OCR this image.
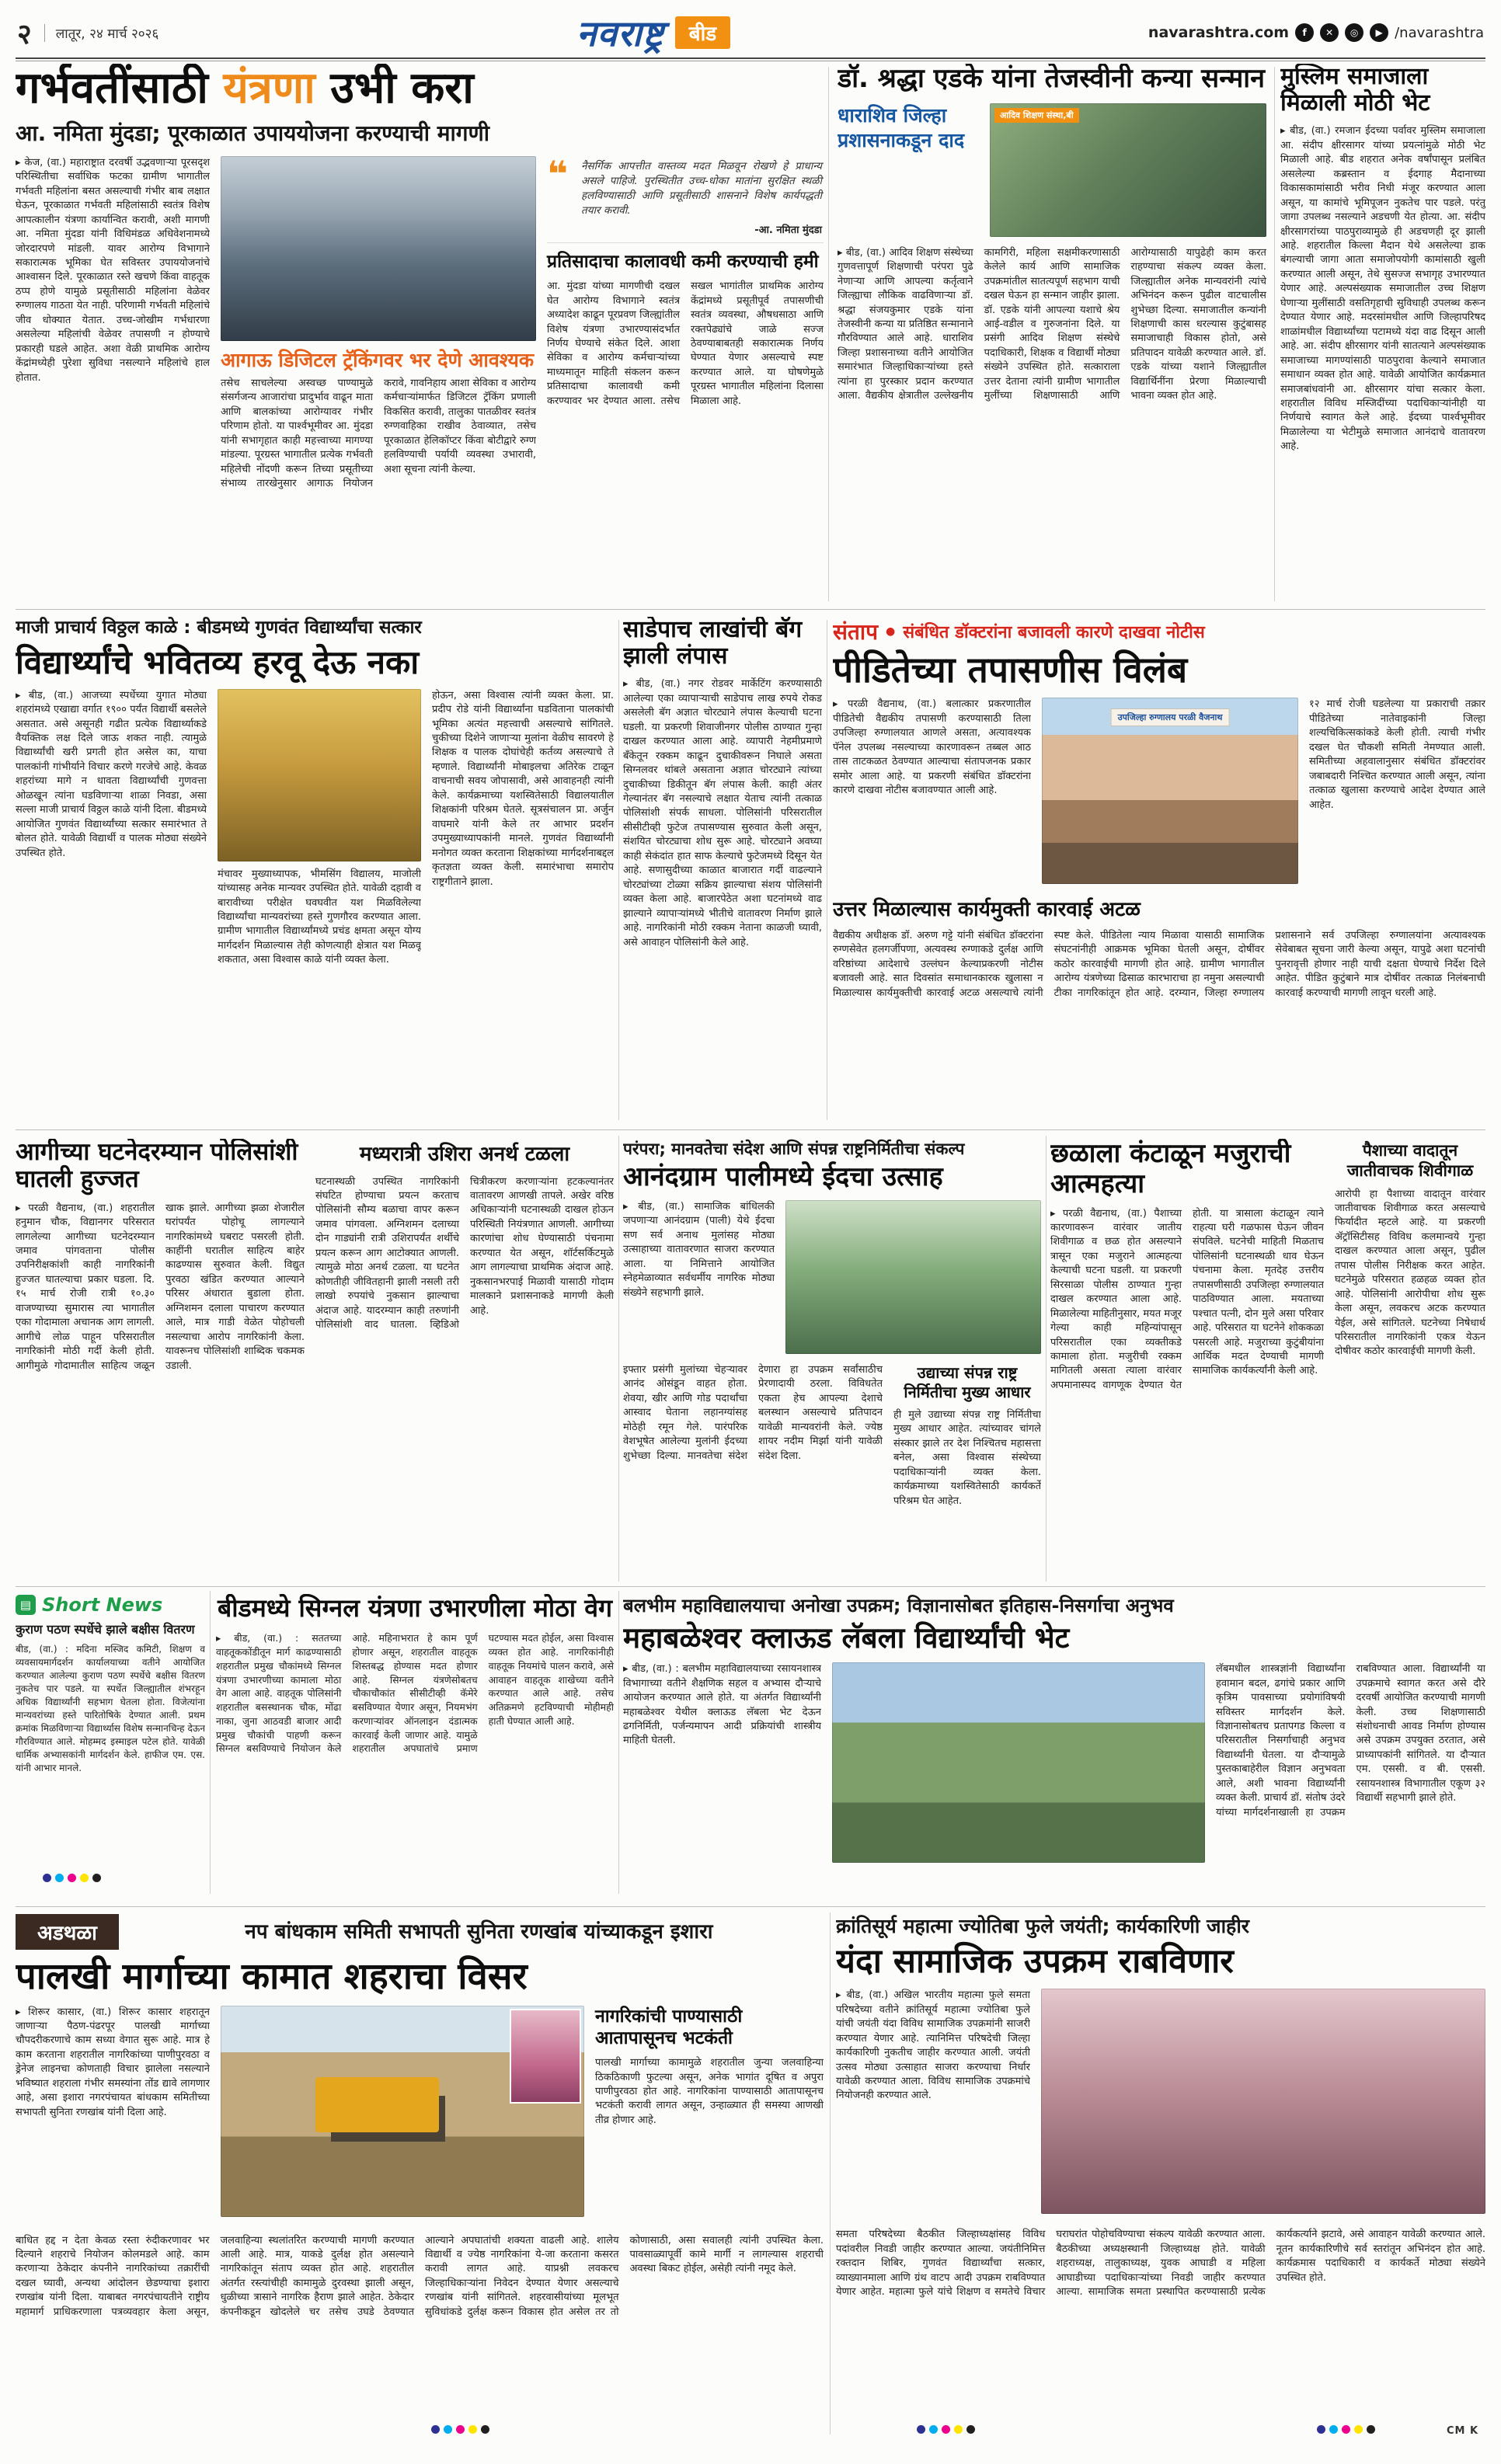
२	लातूर, २४ मार्च २०२६	नवराष्ट्र	बीड	navarashtra.com	f	✕	◎	▶ /navarashtra
गर्भवतींसाठी यंत्रणा उभी करा
आ. नमिता मुंदडा; पूरकाळात उपाययोजना करण्याची मागणी
▸ केज, (वा.) महाराष्ट्रात दरवर्षी उद्भवणाऱ्या पूरसदृश परिस्थितीचा सर्वाधिक फटका ग्रामीण भागातील गर्भवती महिलांना बसत असल्याची गंभीर बाब लक्षात घेऊन, पूरकाळात गर्भवती महिलांसाठी स्वतंत्र विशेष आपत्कालीन यंत्रणा कार्यान्वित करावी, अशी मागणी आ. नमिता मुंदडा यांनी विधिमंडळ अधिवेशनामध्ये जोरदारपणे मांडली. यावर आरोग्य विभागाने सकारात्मक भूमिका घेत सविस्तर उपाययोजनांचे आश्वासन दिले. पूरकाळात रस्ते खचणे किंवा वाहतूक ठप्प होणे यामुळे प्रसूतीसाठी महिलांना वेळेवर रुग्णालय गाठता येत नाही. परिणामी गर्भवती महिलांचे जीव धोक्यात येतात. उच्च-जोखीम गर्भधारणा असलेल्या महिलांची वेळेवर तपासणी न होण्याचे प्रकारही घडले आहेत. अशा वेळी प्राथमिक आरोग्य केंद्रांमध्येही पुरेशा सुविधा नसल्याने महिलांचे हाल होतात.
आगाऊ डिजिटल ट्रॅकिंगवर भर देणे आवश्यक
तसेच साचलेल्या अस्वच्छ पाण्यामुळे संसर्गजन्य आजारांचा प्रादुर्भाव वाढून माता आणि बालकांच्या आरोग्यावर गंभीर परिणाम होतो. या पार्श्वभूमीवर आ. मुंदडा यांनी सभागृहात काही महत्त्वाच्या मागण्या मांडल्या. पूरग्रस्त भागातील प्रत्येक गर्भवती महिलेची नोंदणी करून तिच्या प्रसूतीच्या संभाव्य तारखेनुसार आगाऊ नियोजन करावे, गावनिहाय आशा सेविका व आरोग्य कर्मचाऱ्यांमार्फत डिजिटल ट्रॅकिंग प्रणाली विकसित करावी, तालुका पातळीवर स्वतंत्र रुग्णवाहिका राखीव ठेवाव्यात, तसेच पूरकाळात हेलिकॉप्टर किंवा बोटीद्वारे रुग्ण हलविण्याची पर्यायी व्यवस्था उभारावी, अशा सूचना त्यांनी केल्या.
❝ नैसर्गिक आपत्तीत वास्तव्य मदत मिळवून रोखणे हे प्राधान्य असले पाहिजे. पुरस्थितीत उच्च-धोका मातांना सुरक्षित स्थळी हलविण्यासाठी आणि प्रसूतीसाठी शासनाने विशेष कार्यपद्धती तयार करावी.
-आ. नमिता मुंदडा
प्रतिसादाचा कालावधी कमी करण्याची हमी
आ. मुंदडा यांच्या मागणीची दखल घेत आरोग्य विभागाने स्वतंत्र अध्यादेश काढून पूरप्रवण जिल्ह्यांतील विशेष यंत्रणा उभारण्यासंदर्भात निर्णय घेण्याचे संकेत दिले. आशा सेविका व आरोग्य कर्मचाऱ्यांच्या माध्यमातून माहिती संकलन करून प्रतिसादाचा कालावधी कमी करण्यावर भर देण्यात आला. तसेच सखल भागांतील प्राथमिक आरोग्य केंद्रांमध्ये प्रसूतीपूर्व तपासणीची स्वतंत्र व्यवस्था, औषधसाठा आणि रक्तपेढ्यांचे जाळे सज्ज ठेवण्याबाबतही सकारात्मक निर्णय घेण्यात येणार असल्याचे स्पष्ट करण्यात आले. या घोषणेमुळे पूरग्रस्त भागातील महिलांना दिलासा मिळाला आहे.
डॉ. श्रद्धा एडके यांना तेजस्वीनी कन्या सन्मान
धाराशिव जिल्हा प्रशासनाकडून दाद
आदिव शिक्षण संस्था,बी
▸ बीड, (वा.) आदिव शिक्षण संस्थेच्या गुणवत्तापूर्ण शिक्षणाची परंपरा पुढे नेणाऱ्या आणि आपल्या कर्तृत्वाने जिल्ह्याचा लौकिक वाढविणाऱ्या डॉ. श्रद्धा संजयकुमार एडके यांना तेजस्वीनी कन्या या प्रतिष्ठित सन्मानाने गौरविण्यात आले आहे. धाराशिव जिल्हा प्रशासनाच्या वतीने आयोजित समारंभात जिल्हाधिकाऱ्यांच्या हस्ते त्यांना हा पुरस्कार प्रदान करण्यात आला. वैद्यकीय क्षेत्रातील उल्लेखनीय कामगिरी, महिला सक्षमीकरणासाठी केलेले कार्य आणि सामाजिक उपक्रमांतील सातत्यपूर्ण सहभाग याची दखल घेऊन हा सन्मान जाहीर झाला. डॉ. एडके यांनी आपल्या यशाचे श्रेय आई-वडील व गुरुजनांना दिले. या प्रसंगी आदिव शिक्षण संस्थेचे पदाधिकारी, शिक्षक व विद्यार्थी मोठ्या संख्येने उपस्थित होते. सत्काराला उत्तर देताना त्यांनी ग्रामीण भागातील मुलींच्या शिक्षणासाठी आणि आरोग्यासाठी यापुढेही काम करत राहण्याचा संकल्प व्यक्त केला. जिल्ह्यातील अनेक मान्यवरांनी त्यांचे अभिनंदन करून पुढील वाटचालीस शुभेच्छा दिल्या. समाजातील कन्यांनी शिक्षणाची कास धरल्यास कुटुंबासह समाजाचाही विकास होतो, असे प्रतिपादन यावेळी करण्यात आले. डॉ. एडके यांच्या यशाने जिल्ह्यातील विद्यार्थिनींना प्रेरणा मिळाल्याची भावना व्यक्त होत आहे.
मुस्लिम समाजाला मिळाली मोठी भेट
▸ बीड, (वा.) रमजान ईदच्या पर्वावर मुस्लिम समाजाला आ. संदीप क्षीरसागर यांच्या प्रयत्नांमुळे मोठी भेट मिळाली आहे. बीड शहरात अनेक वर्षांपासून प्रलंबित असलेल्या कब्रस्तान व ईदगाह मैदानाच्या विकासकामांसाठी भरीव निधी मंजूर करण्यात आला असून, या कामांचे भूमिपूजन नुकतेच पार पडले. परंतु जागा उपलब्ध नसल्याने अडचणी येत होत्या. आ. संदीप क्षीरसागरांच्या पाठपुराव्यामुळे ही अडचणही दूर झाली आहे. शहरातील किल्ला मैदान येथे असलेल्या डाक बंगल्याची जागा आता समाजोपयोगी कामांसाठी खुली करण्यात आली असून, तेथे सुसज्ज सभागृह उभारण्यात येणार आहे. अल्पसंख्याक समाजातील उच्च शिक्षण घेणाऱ्या मुलींसाठी वसतिगृहाची सुविधाही उपलब्ध करून देण्यात येणार आहे. मदरसांमधील आणि जिल्हापरिषद शाळांमधील विद्यार्थ्यांच्या पटामध्ये यंदा वाढ दिसून आली आहे. आ. संदीप क्षीरसागर यांनी सातत्याने अल्पसंख्याक समाजाच्या मागण्यांसाठी पाठपुरावा केल्याने समाजात समाधान व्यक्त होत आहे. यावेळी आयोजित कार्यक्रमात समाजबांधवांनी आ. क्षीरसागर यांचा सत्कार केला. शहरातील विविध मस्जिदींच्या पदाधिकाऱ्यांनीही या निर्णयाचे स्वागत केले आहे. ईदच्या पार्श्वभूमीवर मिळालेल्या या भेटीमुळे समाजात आनंदाचे वातावरण आहे.
माजी प्राचार्य विठ्ठल काळे : बीडमध्ये गुणवंत विद्यार्थ्यांचा सत्कार
विद्यार्थ्यांचे भवितव्य हरवू देऊ नका
▸ बीड, (वा.) आजच्या स्पर्धेच्या युगात मोठ्या शहरांमध्ये एखाद्या वर्गात १९०० पर्यंत विद्यार्थी बसलेले असतात. असे असूनही गढीत प्रत्येक विद्यार्थ्याकडे वैयक्तिक लक्ष दिले जाऊ शकत नाही. त्यामुळे विद्यार्थ्यांची खरी प्रगती होत असेल का, याचा पालकांनी गांभीर्याने विचार करणे गरजेचे आहे. केवळ शहरांच्या मागे न धावता विद्यार्थ्यांची गुणवत्ता ओळखून त्यांना घडविणाऱ्या शाळा निवडा, असा सल्ला माजी प्राचार्य विठ्ठल काळे यांनी दिला. बीडमध्ये आयोजित गुणवंत विद्यार्थ्यांच्या सत्कार समारंभात ते बोलत होते. यावेळी विद्यार्थी व पालक मोठ्या संख्येने उपस्थित होते.
मंचावर मुख्याध्यापक, भीमसिंग विद्यालय, माजोली यांच्यासह अनेक मान्यवर उपस्थित होते. यावेळी दहावी व बारावीच्या परीक्षेत घवघवीत यश मिळविलेल्या विद्यार्थ्यांचा मान्यवरांच्या हस्ते गुणगौरव करण्यात आला. ग्रामीण भागातील विद्यार्थ्यांमध्ये प्रचंड क्षमता असून योग्य मार्गदर्शन मिळाल्यास तेही कोणत्याही क्षेत्रात यश मिळवू शकतात, असा विश्वास काळे यांनी व्यक्त केला.
होऊन, असा विश्वास त्यांनी व्यक्त केला. प्रा. प्रदीप रोडे यांनी विद्यार्थ्यांना घडविताना पालकांची भूमिका अत्यंत महत्त्वाची असल्याचे सांगितले. चुकीच्या दिशेने जाणाऱ्या मुलांना वेळीच सावरणे हे शिक्षक व पालक दोघांचेही कर्तव्य असल्याचे ते म्हणाले. विद्यार्थ्यांनी मोबाइलचा अतिरेक टाळून वाचनाची सवय जोपासावी, असे आवाहनही त्यांनी केले. कार्यक्रमाच्या यशस्वितेसाठी विद्यालयातील शिक्षकांनी परिश्रम घेतले. सूत्रसंचालन प्रा. अर्जुन वाघमारे यांनी केले तर आभार प्रदर्शन उपमुख्याध्यापकांनी मानले. गुणवंत विद्यार्थ्यांनी मनोगत व्यक्त करताना शिक्षकांच्या मार्गदर्शनाबद्दल कृतज्ञता व्यक्त केली. समारंभाचा समारोप राष्ट्रगीताने झाला.
साडेपाच लाखांची बॅग झाली लंपास
▸ बीड, (वा.) नगर रोडवर मार्केटिंग करण्यासाठी आलेल्या एका व्यापाऱ्याची साडेपाच लाख रुपये रोकड असलेली बॅग अज्ञात चोरट्याने लंपास केल्याची घटना घडली. या प्रकरणी शिवाजीनगर पोलीस ठाण्यात गुन्हा दाखल करण्यात आला आहे. व्यापारी नेहमीप्रमाणे बँकेतून रक्कम काढून दुचाकीवरून निघाले असता सिग्नलवर थांबले असताना अज्ञात चोरट्याने त्यांच्या दुचाकीच्या डिकीतून बॅग लंपास केली. काही अंतर गेल्यानंतर बॅग नसल्याचे लक्षात येताच त्यांनी तत्काळ पोलिसांशी संपर्क साधला. पोलिसांनी परिसरातील सीसीटीव्ही फुटेज तपासण्यास सुरुवात केली असून, संशयित चोरट्याचा शोध सुरू आहे. चोरट्याने अवघ्या काही सेकंदांत हात साफ केल्याचे फुटेजमध्ये दिसून येत आहे. सणासुदीच्या काळात बाजारात गर्दी वाढल्याने चोरट्यांच्या टोळ्या सक्रिय झाल्याचा संशय पोलिसांनी व्यक्त केला आहे. बाजारपेठेत अशा घटनांमध्ये वाढ झाल्याने व्यापाऱ्यांमध्ये भीतीचे वातावरण निर्माण झाले आहे. नागरिकांनी मोठी रक्कम नेताना काळजी घ्यावी, असे आवाहन पोलिसांनी केले आहे.
संताप ● संबंधित डॉक्टरांना बजावली कारणे दाखवा नोटीस
पीडितेच्या तपासणीस विलंब
▸ परळी वैद्यनाथ, (वा.) बलात्कार प्रकरणातील पीडितेची वैद्यकीय तपासणी करण्यासाठी तिला उपजिल्हा रुग्णालयात आणले असता, अत्यावश्यक पॅनेल उपलब्ध नसल्याच्या कारणावरून तब्बल आठ तास ताटकळत ठेवण्यात आल्याचा संतापजनक प्रकार समोर आला आहे. या प्रकरणी संबंधित डॉक्टरांना कारणे दाखवा नोटीस बजावण्यात आली आहे.
उपजिल्हा रुग्णालय परळी वैजनाथ
१२ मार्च रोजी घडलेल्या या प्रकाराची तक्रार पीडितेच्या नातेवाइकांनी जिल्हा शल्यचिकित्सकांकडे केली होती. त्याची गंभीर दखल घेत चौकशी समिती नेमण्यात आली. समितीच्या अहवालानुसार संबंधित डॉक्टरांवर जबाबदारी निश्चित करण्यात आली असून, त्यांना तत्काळ खुलासा करण्याचे आदेश देण्यात आले आहेत.
उत्तर मिळाल्यास कार्यमुक्ती कारवाई अटळ
वैद्यकीय अधीक्षक डॉ. अरुण गट्टे यांनी संबंधित डॉक्टरांना रुग्णसेवेत हलगर्जीपणा, अत्यवस्थ रुग्णाकडे दुर्लक्ष आणि वरिष्ठांच्या आदेशाचे उल्लंघन केल्याप्रकरणी नोटीस बजावली आहे. सात दिवसांत समाधानकारक खुलासा न मिळाल्यास कार्यमुक्तीची कारवाई अटळ असल्याचे त्यांनी स्पष्ट केले. पीडितेला न्याय मिळावा यासाठी सामाजिक संघटनांनीही आक्रमक भूमिका घेतली असून, दोषींवर कठोर कारवाईची मागणी होत आहे. ग्रामीण भागातील आरोग्य यंत्रणेच्या ढिसाळ कारभाराचा हा नमुना असल्याची टीका नागरिकांतून होत आहे. दरम्यान, जिल्हा रुग्णालय प्रशासनाने सर्व उपजिल्हा रुग्णालयांना अत्यावश्यक सेवेबाबत सूचना जारी केल्या असून, यापुढे अशा घटनांची पुनरावृत्ती होणार नाही याची दक्षता घेण्याचे निर्देश दिले आहेत. पीडित कुटुंबाने मात्र दोषींवर तत्काळ निलंबनाची कारवाई करण्याची मागणी लावून धरली आहे.
आगीच्या घटनेदरम्यान पोलिसांशी घातली हुज्जत
▸ परळी वैद्यनाथ, (वा.) शहरातील हनुमान चौक, विद्यानगर परिसरात लागलेल्या आगीच्या घटनेदरम्यान जमाव पांगवताना पोलीस उपनिरीक्षकांशी काही नागरिकांनी हुज्जत घातल्याचा प्रकार घडला. दि. १५ मार्च रोजी रात्री १०.३० वाजण्याच्या सुमारास त्या भागातील एका गोदामाला अचानक आग लागली. आगीचे लोळ पाहून परिसरातील नागरिकांनी मोठी गर्दी केली होती. आगीमुळे गोदामातील साहित्य जळून खाक झाले. आगीच्या झळा शेजारील घरांपर्यंत पोहोचू लागल्याने नागरिकांमध्ये घबराट पसरली होती. काहींनी घरातील साहित्य बाहेर काढण्यास सुरुवात केली. विद्युत पुरवठा खंडित करण्यात आल्याने परिसर अंधारात बुडाला होता. अग्निशमन दलाला पाचारण करण्यात आले, मात्र गाडी वेळेत पोहोचली नसल्याचा आरोप नागरिकांनी केला. यावरूनच पोलिसांशी शाब्दिक चकमक उडाली.
मध्यरात्री उशिरा अनर्थ टळला
घटनास्थळी उपस्थित नागरिकांनी संघटित होण्याचा प्रयत्न करताच पोलिसांनी सौम्य बळाचा वापर करून जमाव पांगवला. अग्निशमन दलाच्या दोन गाड्यांनी रात्री उशिरापर्यंत शर्थीचे प्रयत्न करून आग आटोक्यात आणली. त्यामुळे मोठा अनर्थ टळला. या घटनेत कोणतीही जीवितहानी झाली नसली तरी लाखो रुपयांचे नुकसान झाल्याचा अंदाज आहे. यादरम्यान काही तरुणांनी पोलिसांशी वाद घातला. व्हिडिओ चित्रीकरण करणाऱ्यांना हटकल्यानंतर वातावरण आणखी तापले. अखेर वरिष्ठ अधिकाऱ्यांनी घटनास्थळी दाखल होऊन परिस्थिती नियंत्रणात आणली. आगीच्या कारणांचा शोध घेण्यासाठी पंचनामा करण्यात येत असून, शॉर्टसर्किटमुळे आग लागल्याचा प्राथमिक अंदाज आहे. नुकसानभरपाई मिळावी यासाठी गोदाम मालकाने प्रशासनाकडे मागणी केली आहे.
परंपरा; मानवतेचा संदेश आणि संपन्न राष्ट्रनिर्मितीचा संकल्प
आनंदग्राम पालीमध्ये ईदचा उत्साह
▸ बीड, (वा.) सामाजिक बांधिलकी जपणाऱ्या आनंदग्राम (पाली) येथे ईदचा सण सर्व अनाथ मुलांसह मोठ्या उत्साहाच्या वातावरणात साजरा करण्यात आला. या निमित्ताने आयोजित स्नेहमेळाव्यात सर्वधर्मीय नागरिक मोठ्या संख्येने सहभागी झाले.
इफ्तार प्रसंगी मुलांच्या चेहऱ्यावर आनंद ओसंडून वाहत होता. शेवया, खीर आणि गोड पदार्थांचा आस्वाद घेताना लहानग्यांसह मोठेही रमून गेले. पारंपरिक वेशभूषेत आलेल्या मुलांनी ईदच्या शुभेच्छा दिल्या. मानवतेचा संदेश देणारा हा उपक्रम सर्वांसाठीच प्रेरणादायी ठरला. विविधतेत एकता हेच आपल्या देशाचे बलस्थान असल्याचे प्रतिपादन यावेळी मान्यवरांनी केले. ज्येष्ठ शायर नदीम मिर्झा यांनी यावेळी संदेश दिला.
उद्याच्या संपन्न राष्ट्र निर्मितीचा मुख्य आधार
ही मुले उद्याच्या संपन्न राष्ट्र निर्मितीचा मुख्य आधार आहेत. त्यांच्यावर चांगले संस्कार झाले तर देश निश्चितच महासत्ता बनेल, असा विश्वास संस्थेच्या पदाधिकाऱ्यांनी व्यक्त केला. कार्यक्रमाच्या यशस्वितेसाठी कार्यकर्ते परिश्रम घेत आहेत.
छळाला कंटाळून मजुराची आत्महत्या
▸ परळी वैद्यनाथ, (वा.) पैशाच्या कारणावरून वारंवार जातीय शिवीगाळ व छळ होत असल्याने त्रासून एका मजुराने आत्महत्या केल्याची घटना घडली. या प्रकरणी सिरसाळा पोलीस ठाण्यात गुन्हा दाखल करण्यात आला आहे. मिळालेल्या माहितीनुसार, मयत मजूर गेल्या काही महिन्यांपासून परिसरातील एका व्यक्तीकडे कामाला होता. मजुरीची रक्कम मागितली असता त्याला वारंवार अपमानास्पद वागणूक देण्यात येत होती. या त्रासाला कंटाळून त्याने राहत्या घरी गळफास घेऊन जीवन संपविले. घटनेची माहिती मिळताच पोलिसांनी घटनास्थळी धाव घेऊन पंचनामा केला. मृतदेह उत्तरीय तपासणीसाठी उपजिल्हा रुग्णालयात पाठविण्यात आला. मयताच्या पश्चात पत्नी, दोन मुले असा परिवार आहे. परिसरात या घटनेने शोककळा पसरली आहे. मजुराच्या कुटुंबीयांना आर्थिक मदत देण्याची मागणी सामाजिक कार्यकर्त्यांनी केली आहे.
पैशाच्या वादातून जातीवाचक शिवीगाळ
आरोपी हा पैशाच्या वादातून वारंवार जातीवाचक शिवीगाळ करत असल्याचे फिर्यादीत म्हटले आहे. या प्रकरणी ॲट्रॉसिटीसह विविध कलमान्वये गुन्हा दाखल करण्यात आला असून, पुढील तपास पोलीस निरीक्षक करत आहेत. घटनेमुळे परिसरात हळहळ व्यक्त होत आहे. पोलिसांनी आरोपीचा शोध सुरू केला असून, लवकरच अटक करण्यात येईल, असे सांगितले. घटनेच्या निषेधार्थ परिसरातील नागरिकांनी एकत्र येऊन दोषीवर कठोर कारवाईची मागणी केली.
▤ Short News
कुराण पठण स्पर्धेचे झाले बक्षीस वितरण
बीड, (वा.) : मदिना मस्जिद कमिटी, शिक्षण व व्यवसायमार्गदर्शन कार्यालयाच्या वतीने आयोजित करण्यात आलेल्या कुराण पठण स्पर्धेचे बक्षीस वितरण नुकतेच पार पडले. या स्पर्धेत जिल्ह्यातील शंभरहून अधिक विद्यार्थ्यांनी सहभाग घेतला होता. विजेत्यांना मान्यवरांच्या हस्ते पारितोषिके देण्यात आली. प्रथम क्रमांक मिळविणाऱ्या विद्यार्थ्यास विशेष सन्मानचिन्ह देऊन गौरविण्यात आले. मोहम्मद इस्माइल पटेल होते. यावेळी धार्मिक अभ्यासकांनी मार्गदर्शन केले. हाफीज एम. एस. यांनी आभार मानले.
बीडमध्ये सिग्नल यंत्रणा उभारणीला मोठा वेग
▸ बीड, (वा.) : सततच्या वाहतूककोंडीतून मार्ग काढण्यासाठी शहरातील प्रमुख चौकांमध्ये सिग्नल यंत्रणा उभारणीच्या कामाला मोठा वेग आला आहे. वाहतूक पोलिसांनी शहरातील बसस्थानक चौक, मोंढा नाका, जुना आठवडी बाजार आदी प्रमुख चौकांची पाहणी करून सिग्नल बसविण्याचे नियोजन केले आहे. महिनाभरात हे काम पूर्ण होणार असून, शहरातील वाहतूक शिस्तबद्ध होण्यास मदत होणार आहे. सिग्नल यंत्रणेसोबतच चौकाचौकांत सीसीटीव्ही कॅमेरे बसविण्यात येणार असून, नियमभंग करणाऱ्यांवर ऑनलाइन दंडात्मक कारवाई केली जाणार आहे. यामुळे शहरातील अपघातांचे प्रमाण घटण्यास मदत होईल, असा विश्वास व्यक्त होत आहे. नागरिकांनीही वाहतूक नियमांचे पालन करावे, असे आवाहन वाहतूक शाखेच्या वतीने करण्यात आले आहे. तसेच अतिक्रमणे हटविण्याची मोहीमही हाती घेण्यात आली आहे.
बलभीम महाविद्यालयाचा अनोखा उपक्रम; विज्ञानासोबत इतिहास-निसर्गाचा अनुभव
महाबळेश्वर क्लाऊड लॅबला विद्यार्थ्यांची भेट
▸ बीड, (वा.) : बलभीम महाविद्यालयाच्या रसायनशास्त्र विभागाच्या वतीने शैक्षणिक सहल व अभ्यास दौऱ्याचे आयोजन करण्यात आले होते. या अंतर्गत विद्यार्थ्यांनी महाबळेश्वर येथील क्लाऊड लॅबला भेट देऊन ढगनिर्मिती, पर्जन्यमापन आदी प्रक्रियांची शास्त्रीय माहिती घेतली.
लॅबमधील शास्त्रज्ञांनी विद्यार्थ्यांना हवामान बदल, ढगांचे प्रकार आणि कृत्रिम पावसाच्या प्रयोगांविषयी सविस्तर मार्गदर्शन केले. विज्ञानासोबतच प्रतापगड किल्ला व परिसरातील निसर्गाचाही अनुभव विद्यार्थ्यांनी घेतला. या दौऱ्यामुळे पुस्तकाबाहेरील विज्ञान अनुभवता आले, अशी भावना विद्यार्थ्यांनी व्यक्त केली. प्राचार्य डॉ. संतोष उंदरे यांच्या मार्गदर्शनाखाली हा उपक्रम राबविण्यात आला. विद्यार्थ्यांनी या उपक्रमाचे स्वागत करत असे दौरे दरवर्षी आयोजित करण्याची मागणी केली. उच्च शिक्षणासाठी संशोधनाची आवड निर्माण होण्यास असे उपक्रम उपयुक्त ठरतात, असे प्राध्यापकांनी सांगितले. या दौऱ्यात एम. एससी. व बी. एससी. रसायनशास्त्र विभागातील एकूण ३२ विद्यार्थी सहभागी झाले होते.
अडथळा	नप बांधकाम समिती सभापती सुनिता रणखांब यांच्याकडून इशारा
पालखी मार्गाच्या कामात शहराचा विसर
▸ शिरूर कासार, (वा.) शिरूर कासार शहरातून जाणाऱ्या पैठण-पंढरपूर पालखी मार्गाच्या चौपदरीकरणाचे काम सध्या वेगात सुरू आहे. मात्र हे काम करताना शहरातील नागरिकांच्या पाणीपुरवठा व ड्रेनेज लाइनचा कोणताही विचार झालेला नसल्याने भविष्यात शहराला गंभीर समस्यांना तोंड द्यावे लागणार आहे, असा इशारा नगरपंचायत बांधकाम समितीच्या सभापती सुनिता रणखांब यांनी दिला आहे.
नागरिकांची पाण्यासाठी आतापासूनच भटकंती
पालखी मार्गाच्या कामामुळे शहरातील जुन्या जलवाहिन्या ठिकठिकाणी फुटल्या असून, अनेक भागांत दूषित व अपुरा पाणीपुरवठा होत आहे. नागरिकांना पाण्यासाठी आतापासूनच भटकंती करावी लागत असून, उन्हाळ्यात ही समस्या आणखी तीव्र होणार आहे.
बाधित हद्द न देता केवळ रस्ता रुंदीकरणावर भर दिल्याने शहराचे नियोजन कोलमडले आहे. काम करणाऱ्या ठेकेदार कंपनीने नागरिकांच्या तक्रारींची दखल घ्यावी, अन्यथा आंदोलन छेडण्याचा इशारा रणखांब यांनी दिला. याबाबत नगरपंचायतीने राष्ट्रीय महामार्ग प्राधिकरणाला पत्रव्यवहार केला असून, जलवाहिन्या स्थलांतरित करण्याची मागणी करण्यात आली आहे. मात्र, याकडे दुर्लक्ष होत असल्याने नागरिकांतून संताप व्यक्त होत आहे. शहरातील अंतर्गत रस्त्यांचीही कामामुळे दुरवस्था झाली असून, धुळीच्या त्रासाने नागरिक हैराण झाले आहेत. ठेकेदार कंपनीकडून खोदलेले चर तसेच उघडे ठेवण्यात आल्याने अपघातांची शक्यता वाढली आहे. शालेय विद्यार्थी व ज्येष्ठ नागरिकांना ये-जा करताना कसरत करावी लागत आहे. याप्रश्नी लवकरच जिल्हाधिकाऱ्यांना निवेदन देण्यात येणार असल्याचे रणखांब यांनी सांगितले. शहरवासीयांच्या मूलभूत सुविधांकडे दुर्लक्ष करून विकास होत असेल तर तो कोणासाठी, असा सवालही त्यांनी उपस्थित केला. पावसाळ्यापूर्वी कामे मार्गी न लागल्यास शहराची अवस्था बिकट होईल, असेही त्यांनी नमूद केले.
क्रांतिसूर्य महात्मा ज्योतिबा फुले जयंती; कार्यकारिणी जाहीर
यंदा सामाजिक उपक्रम राबविणार
▸ बीड, (वा.) अखिल भारतीय महात्मा फुले समता परिषदेच्या वतीने क्रांतिसूर्य महात्मा ज्योतिबा फुले यांची जयंती यंदा विविध सामाजिक उपक्रमांनी साजरी करण्यात येणार आहे. त्यानिमित्त परिषदेची जिल्हा कार्यकारिणी नुकतीच जाहीर करण्यात आली. जयंती उत्सव मोठ्या उत्साहात साजरा करण्याचा निर्धार यावेळी करण्यात आला. विविध सामाजिक उपक्रमांचे नियोजनही करण्यात आले.
समता परिषदेच्या बैठकीत जिल्हाध्यक्षांसह विविध पदांवरील निवडी जाहीर करण्यात आल्या. जयंतीनिमित्त रक्तदान शिबिर, गुणवंत विद्यार्थ्यांचा सत्कार, व्याख्यानमाला आणि ग्रंथ वाटप आदी उपक्रम राबविण्यात येणार आहेत. महात्मा फुले यांचे शिक्षण व समतेचे विचार घराघरांत पोहोचविण्याचा संकल्प यावेळी करण्यात आला. बैठकीच्या अध्यक्षस्थानी जिल्हाध्यक्ष होते. यावेळी शहराध्यक्ष, तालुकाध्यक्ष, युवक आघाडी व महिला आघाडीच्या पदाधिकाऱ्यांच्या निवडी जाहीर करण्यात आल्या. सामाजिक समता प्रस्थापित करण्यासाठी प्रत्येक कार्यकर्त्याने झटावे, असे आवाहन यावेळी करण्यात आले. नूतन कार्यकारिणीचे सर्व स्तरांतून अभिनंदन होत आहे. कार्यक्रमास पदाधिकारी व कार्यकर्ते मोठ्या संख्येने उपस्थित होते.
CM K
